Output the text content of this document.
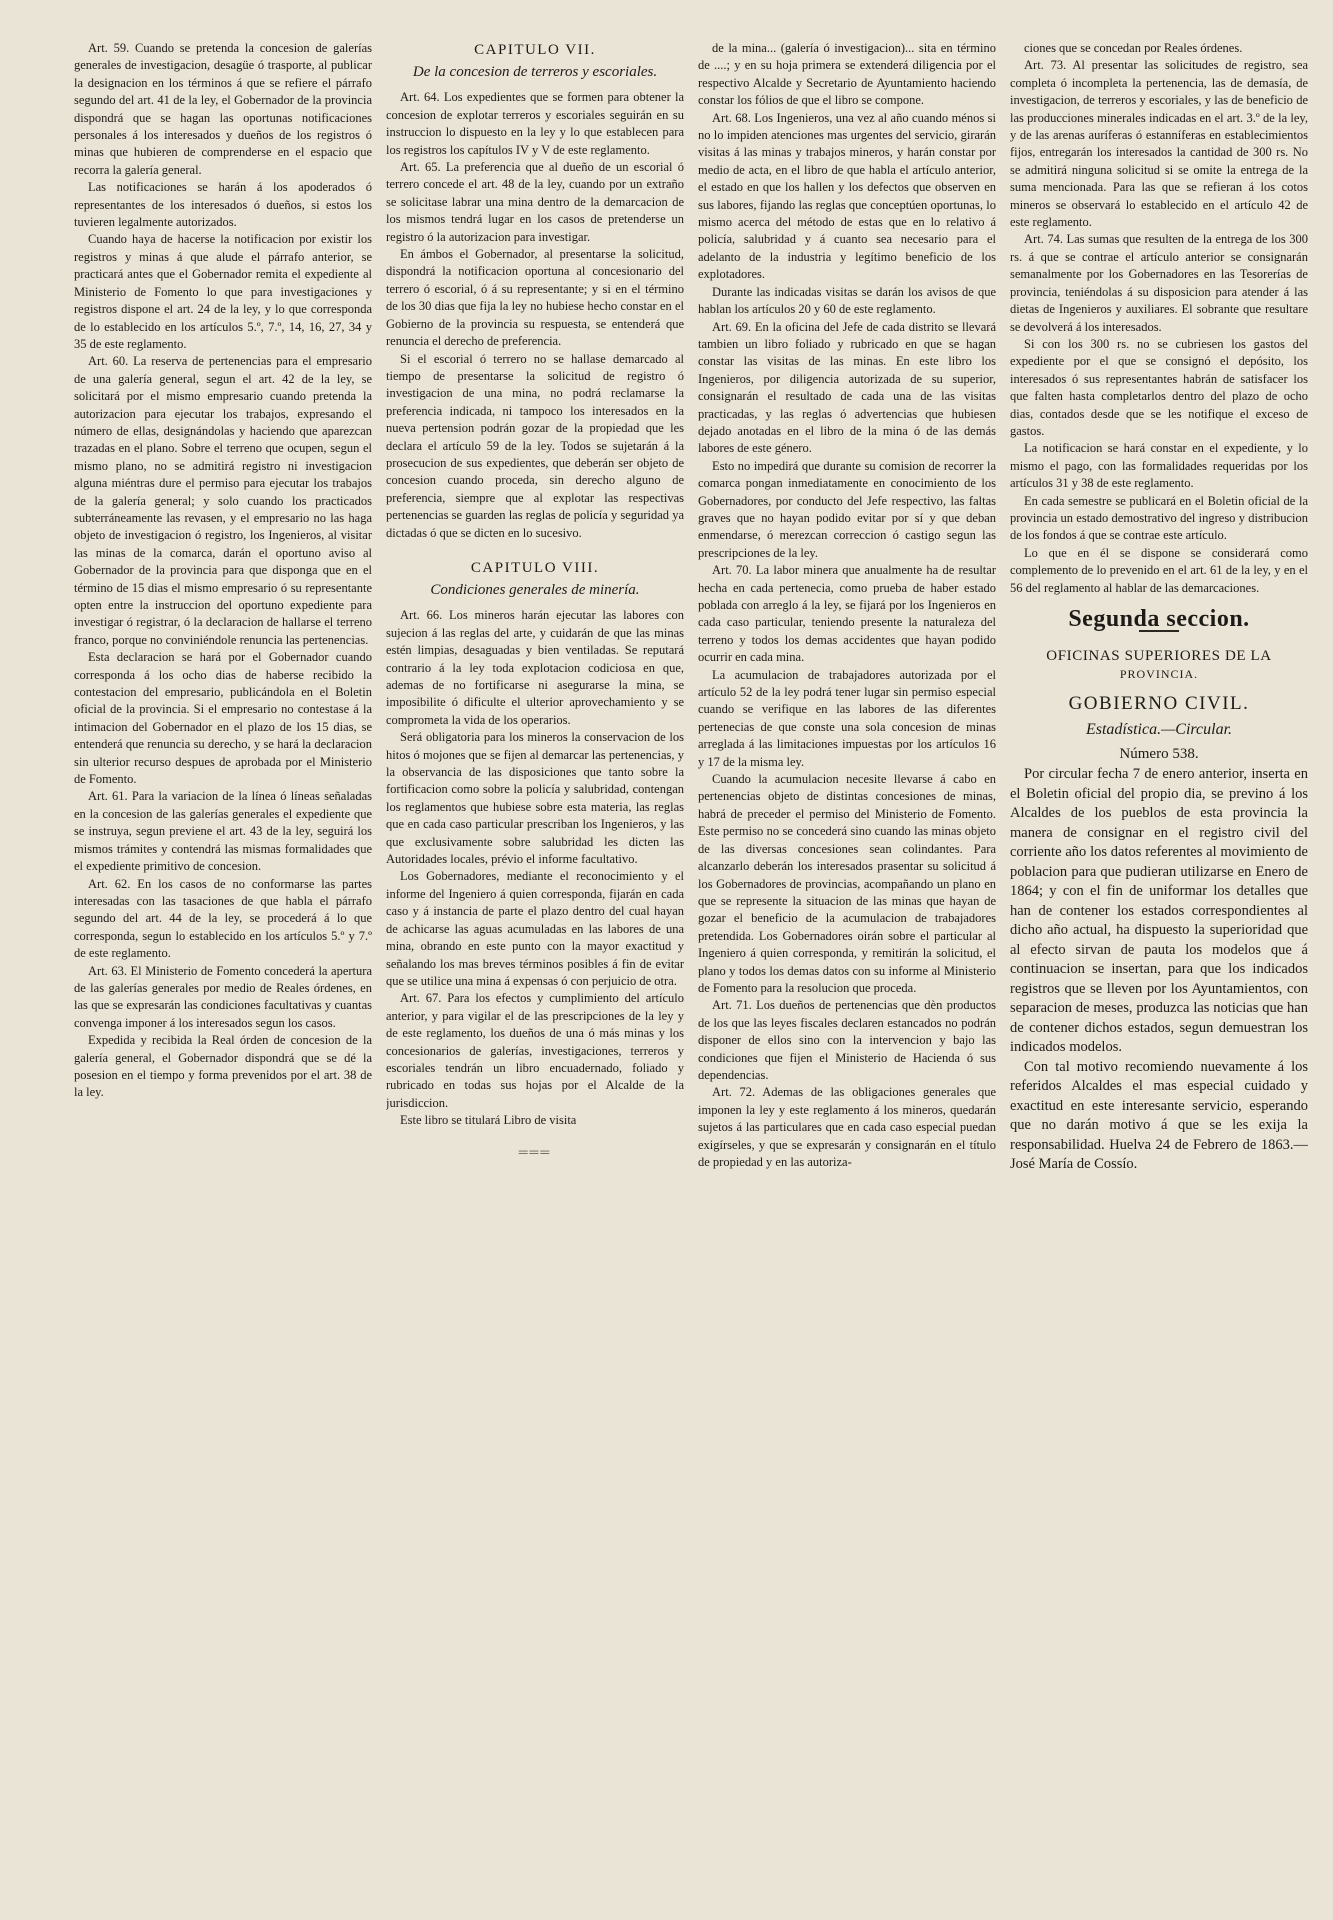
Art. 59. Cuando se pretenda la concesion de galerías generales de investigacion, desagüe ó trasporte, al publicar la designacion en los términos á que se refiere el párrafo segundo del art. 41 de la ley, el Gobernador de la provincia dispondrá que se hagan las oportunas notificaciones personales á los interesados y dueños de los registros ó minas que hubieren de comprenderse en el espacio que recorra la galería general.

Las notificaciones se harán á los apoderados ó representantes de los interesados ó dueños, si estos los tuvieren legalmente autorizados.

Cuando haya de hacerse la notificacion por existir los registros y minas á que alude el párrafo anterior, se practicará antes que el Gobernador remita el expediente al Ministerio de Fomento lo que para investigaciones y registros dispone el art. 24 de la ley, y lo que corresponda de lo establecido en los artículos 5.º, 7.º, 14, 16, 27, 34 y 35 de este reglamento.

Art. 60. La reserva de pertenencias para el empresario de una galería general, segun el art. 42 de la ley, se solicitará por el mismo empresario cuando pretenda la autorizacion para ejecutar los trabajos, expresando el número de ellas, designándolas y haciendo que aparezcan trazadas en el plano. Sobre el terreno que ocupen, segun el mismo plano, no se admitirá registro ni investigacion alguna miéntras dure el permiso para ejecutar los trabajos de la galería general; y solo cuando los practicados subterráneamente las revasen, y el empresario no las haga objeto de investigacion ó registro, los Ingenieros, al visitar las minas de la comarca, darán el oportuno aviso al Gobernador de la provincia para que disponga que en el término de 15 dias el mismo empresario ó su representante opten entre la instruccion del oportuno expediente para investigar ó registrar, ó la declaracion de hallarse el terreno franco, porque no conviniéndole renuncia las pertenencias.

Esta declaracion se hará por el Gobernador cuando corresponda á los ocho dias de haberse recibido la contestacion del empresario, publicándola en el Boletin oficial de la provincia. Si el empresario no contestase á la intimacion del Gobernador en el plazo de los 15 dias, se entenderá que renuncia su derecho, y se hará la declaracion sin ulterior recurso despues de aprobada por el Ministerio de Fomento.

Art. 61. Para la variacion de la línea ó líneas señaladas en la concesion de las galerías generales el expediente que se instruya, segun previene el art. 43 de la ley, seguirá los mismos trámites y contendrá las mismas formalidades que el expediente primitivo de concesion.

Art. 62. En los casos de no conformarse las partes interesadas con las tasaciones de que habla el párrafo segundo del art. 44 de la ley, se procederá á lo que corresponda, segun lo establecido en los artículos 5.º y 7.º de este reglamento.

Art. 63. El Ministerio de Fomento concederá la apertura de las galerías generales por medio de Reales órdenes, en las que se expresarán las condiciones facultativas y cuantas convenga imponer á los interesados segun los casos.

Expedida y recibida la Real órden de concesion de la galería general, el Gobernador dispondrá que se dé la posesion en el tiempo y forma prevenidos por el art. 38 de la ley.

CAPITULO VII.
De la concesion de terreros y escoriales.

Art. 64. Los expedientes que se formen para obtener la concesion de explotar terreros y escoriales seguirán en su instruccion lo dispuesto en la ley y lo que establecen para los registros los capítulos IV y V de este reglamento.

Art. 65. La preferencia que al dueño de un escorial ó terrero concede el art. 48 de la ley, cuando por un extraño se solicitase labrar una mina dentro de la demarcacion de los mismos tendrá lugar en los casos de pretenderse un registro ó la autorizacion para investigar.

En ámbos el Gobernador, al presentarse la solicitud, dispondrá la notificacion oportuna al concesionario del terrero ó escorial, ó á su representante; y si en el término de los 30 dias que fija la ley no hubiese hecho constar en el Gobierno de la provincia su respuesta, se entenderá que renuncia el derecho de preferencia.

Si el escorial ó terrero no se hallase demarcado al tiempo de presentarse la solicitud de registro ó investigacion de una mina, no podrá reclamarse la preferencia indicada, ni tampoco los interesados en la nueva pertension podrán gozar de la propiedad que les declara el artículo 59 de la ley. Todos se sujetarán á la prosecucion de sus expedientes, que deberán ser objeto de concesion cuando proceda, sin derecho alguno de preferencia, siempre que al explotar las respectivas pertenencias se guarden las reglas de policía y seguridad ya dictadas ó que se dicten en lo sucesivo.

CAPITULO VIII.
Condiciones generales de minería.

Art. 66. Los mineros harán ejecutar las labores con sujecion á las reglas del arte, y cuidarán de que las minas estén limpias, desaguadas y bien ventiladas. Se reputará contrario á la ley toda explotacion codiciosa en que, ademas de no fortificarse ni asegurarse la mina, se imposibilite ó dificulte el ulterior aprovechamiento y se comprometa la vida de los operarios.

Será obligatoria para los mineros la conservacion de los hitos ó mojones que se fijen al demarcar las pertenencias, y la observancia de las disposiciones que tanto sobre la fortificacion como sobre la policía y salubridad, contengan los reglamentos que hubiese sobre esta materia, las reglas que en cada caso particular prescriban los Ingenieros, y las que exclusivamente sobre salubridad les dicten las Autoridades locales, prévio el informe facultativo.

Los Gobernadores, mediante el reconocimiento y el informe del Ingeniero á quien corresponda, fijarán en cada caso y á instancia de parte el plazo dentro del cual hayan de achicarse las aguas acumuladas en las labores de una mina, obrando en este punto con la mayor exactitud y señalando los mas breves términos posibles á fin de evitar que se utilice una mina á expensas ó con perjuicio de otra.

Art. 67. Para los efectos y cumplimiento del artículo anterior, y para vigilar el de las prescripciones de la ley y de este reglamento, los dueños de una ó más minas y los concesionarios de galerías, investigaciones, terreros y escoriales tendrán un libro encuadernado, foliado y rubricado en todas sus hojas por el Alcalde de la jurisdiccion.

Este libro se titulará Libro de visita

═══

de la mina... (galería ó investigacion)... sita en término de ....; y en su hoja primera se extenderá diligencia por el respectivo Alcalde y Secretario de Ayuntamiento haciendo constar los fólios de que el libro se compone.

Art. 68. Los Ingenieros, una vez al año cuando ménos si no lo impiden atenciones mas urgentes del servicio, girarán visitas á las minas y trabajos mineros, y harán constar por medio de acta, en el libro de que habla el artículo anterior, el estado en que los hallen y los defectos que observen en sus labores, fijando las reglas que conceptúen oportunas, lo mismo acerca del método de estas que en lo relativo á policía, salubridad y á cuanto sea necesario para el adelanto de la industria y legítimo beneficio de los explotadores.

Durante las indicadas visitas se darán los avisos de que hablan los artículos 20 y 60 de este reglamento.

Art. 69. En la oficina del Jefe de cada distrito se llevará tambien un libro foliado y rubricado en que se hagan constar las visitas de las minas. En este libro los Ingenieros, por diligencia autorizada de su superior, consignarán el resultado de cada una de las visitas practicadas, y las reglas ó advertencias que hubiesen dejado anotadas en el libro de la mina ó de las demás labores de este género.

Esto no impedirá que durante su comision de recorrer la comarca pongan inmediatamente en conocimiento de los Gobernadores, por conducto del Jefe respectivo, las faltas graves que no hayan podido evitar por sí y que deban enmendarse, ó merezcan correccion ó castigo segun las prescripciones de la ley.

Art. 70. La labor minera que anualmente ha de resultar hecha en cada pertenecia, como prueba de haber estado poblada con arreglo á la ley, se fijará por los Ingenieros en cada caso particular, teniendo presente la naturaleza del terreno y todos los demas accidentes que hayan podido ocurrir en cada mina.

La acumulacion de trabajadores autorizada por el artículo 52 de la ley podrá tener lugar sin permiso especial cuando se verifique en las labores de las diferentes pertenecias de que conste una sola concesion de minas arreglada á las limitaciones impuestas por los artículos 16 y 17 de la misma ley.

Cuando la acumulacion necesite llevarse á cabo en pertenencias objeto de distintas concesiones de minas, habrá de preceder el permiso del Ministerio de Fomento. Este permiso no se concederá sino cuando las minas objeto de las diversas concesiones sean colindantes. Para alcanzarlo deberán los interesados prasentar su solicitud á los Gobernadores de provincias, acompañando un plano en que se represente la situacion de las minas que hayan de gozar el beneficio de la acumulacion de trabajadores pretendida. Los Gobernadores oirán sobre el particular al Ingeniero á quien corresponda, y remitirán la solicitud, el plano y todos los demas datos con su informe al Ministerio de Fomento para la resolucion que proceda.

Art. 71. Los dueños de pertenencias que dèn productos de los que las leyes fiscales declaren estancados no podrán disponer de ellos sino con la intervencion y bajo las condiciones que fijen el Ministerio de Hacienda ó sus dependencias.

Art. 72. Ademas de las obligaciones generales que imponen la ley y este reglamento á los mineros, quedarán sujetos á las particulares que en cada caso especial puedan exigírseles, y que se expresarán y consignarán en el título de propiedad y en las autoriza-

ciones que se concedan por Reales órdenes.

Art. 73. Al presentar las solicitudes de registro, sea completa ó incompleta la pertenencia, las de demasía, de investigacion, de terreros y escoriales, y las de beneficio de las producciones minerales indicadas en el art. 3.º de la ley, y de las arenas auríferas ó estanníferas en establecimientos fijos, entregarán los interesados la cantidad de 300 rs. No se admitirá ninguna solicitud si se omite la entrega de la suma mencionada. Para las que se refieran á los cotos mineros se observará lo establecido en el artículo 42 de este reglamento.

Art. 74. Las sumas que resulten de la entrega de los 300 rs. á que se contrae el artículo anterior se consignarán semanalmente por los Gobernadores en las Tesorerías de provincia, teniéndolas á su disposicion para atender á las dietas de Ingenieros y auxiliares. El sobrante que resultare se devolverá á los interesados.

Si con los 300 rs. no se cubriesen los gastos del expediente por el que se consignó el depósito, los interesados ó sus representantes habrán de satisfacer los que falten hasta completarlos dentro del plazo de ocho dias, contados desde que se les notifique el exceso de gastos.

La notificacion se hará constar en el expediente, y lo mismo el pago, con las formalidades requeridas por los artículos 31 y 38 de este reglamento.

En cada semestre se publicará en el Boletin oficial de la provincia un estado demostrativo del ingreso y distribucion de los fondos á que se contrae este artículo.

Lo que en él se dispone se considerará como complemento de lo prevenido en el art. 61 de la ley, y en el 56 del reglamento al hablar de las demarcaciones.

Segunda seccion.
OFICINAS SUPERIORES DE LA
PROVINCIA.
GOBIERNO CIVIL.
Estadística.—Circular.
Número 538.

Por circular fecha 7 de enero anterior, inserta en el Boletin oficial del propio dia, se previno á los Alcaldes de los pueblos de esta provincia la manera de consignar en el registro civil del corriente año los datos referentes al movimiento de poblacion para que pudieran utilizarse en Enero de 1864; y con el fin de uniformar los detalles que han de contener los estados correspondientes al dicho año actual, ha dispuesto la superioridad que al efecto sirvan de pauta los modelos que á continuacion se insertan, para que los indicados registros que se lleven por los Ayuntamientos, con separacion de meses, produzca las noticias que han de contener dichos estados, segun demuestran los indicados modelos.

Con tal motivo recomiendo nuevamente á los referidos Alcaldes el mas especial cuidado y exactitud en este interesante servicio, esperando que no darán motivo á que se les exija la responsabilidad. Huelva 24 de Febrero de 1863.—José María de Cossío.
